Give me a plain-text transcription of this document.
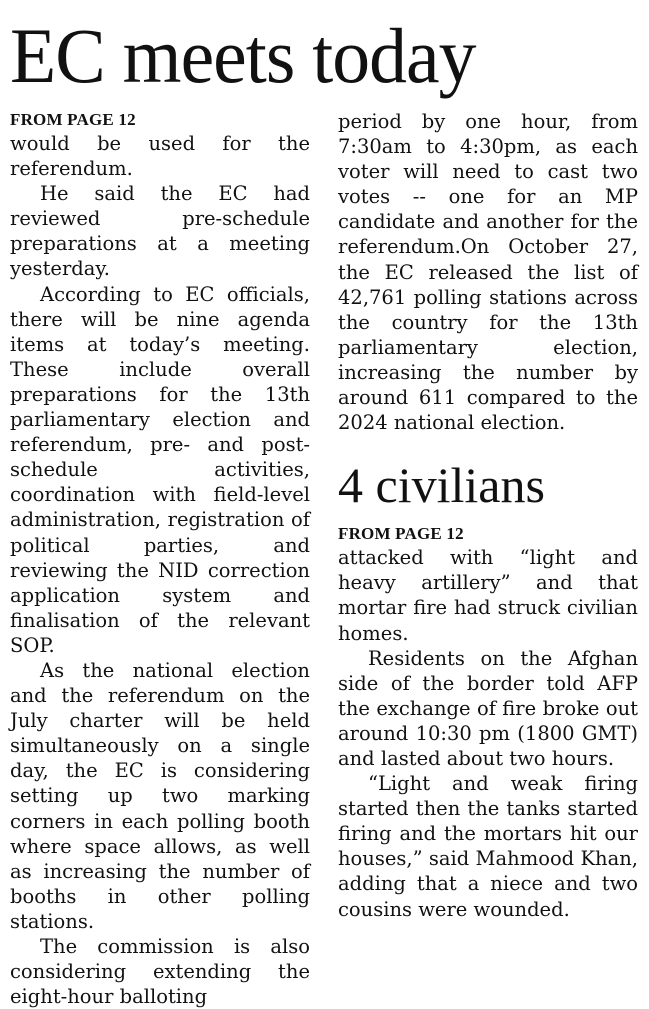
EC meets today
FROM PAGE 12

would be used for the referendum.

He said the EC had reviewed pre-schedule preparations at a meeting yesterday.

According to EC officials, there will be nine agenda items at today’s meeting. These include overall preparations for the 13th parliamentary election and referendum, pre- and post-schedule activities, coordination with field-level administration, registration of political parties, and reviewing the NID correction application system and finalisation of the relevant SOP.

As the national election and the referendum on the July charter will be held simultaneously on a single day, the EC is considering setting up two marking corners in each polling booth where space allows, as well as increasing the number of booths in other polling stations.

The commission is also considering extending the eight-hour balloting

period by one hour, from 7:30am to 4:30pm, as each voter will need to cast two votes -- one for an MP candidate and another for the referendum.On October 27, the EC released the list of 42,761 polling stations across the country for the 13th parliamentary election, increasing the number by around 611 compared to the 2024 national election.

4 civilians
FROM PAGE 12

attacked with “light and heavy artillery” and that mortar fire had struck civilian homes.

Residents on the Afghan side of the border told AFP the exchange of fire broke out around 10:30 pm (1800 GMT) and lasted about two hours.

“Light and weak firing started then the tanks started firing and the mortars hit our houses,” said Mahmood Khan, adding that a niece and two cousins were wounded.
